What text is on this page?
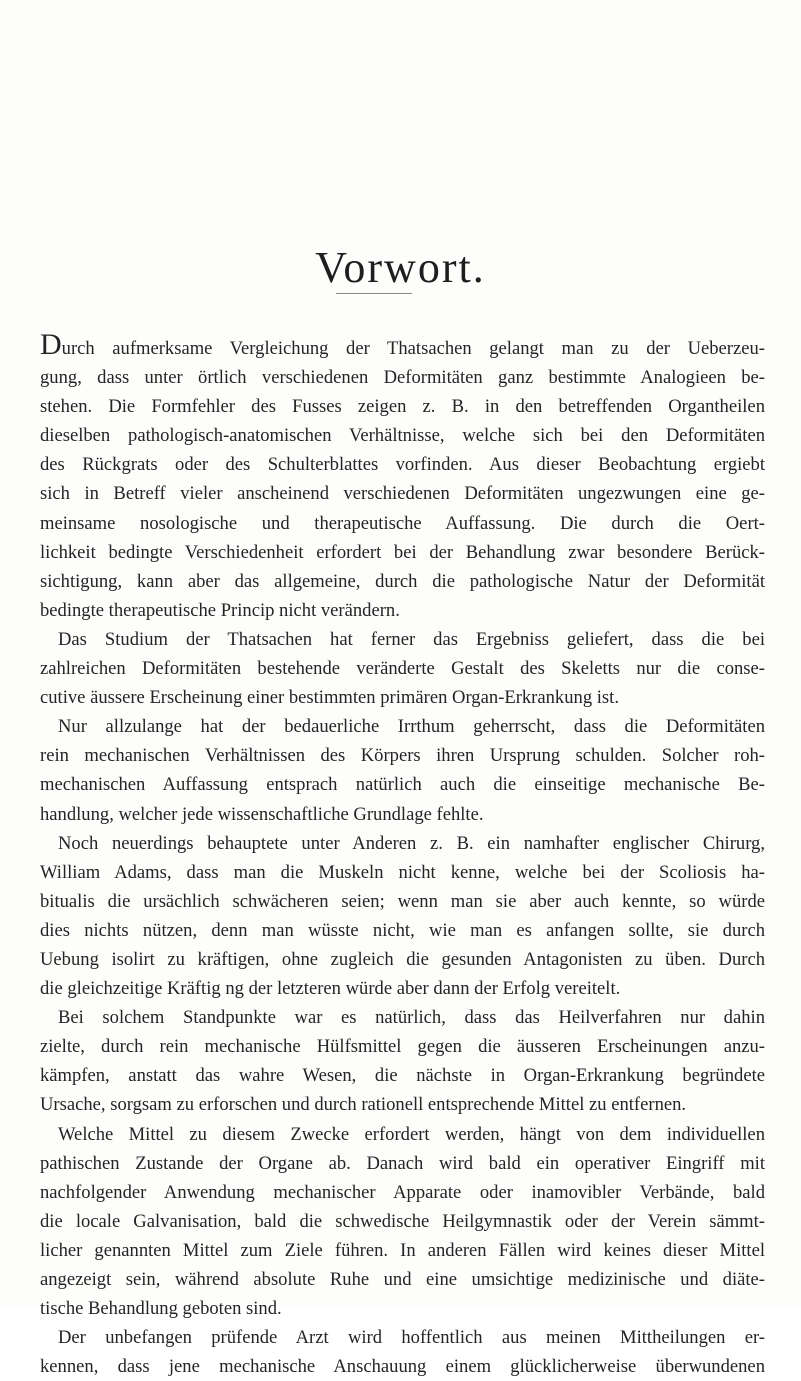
Vorwort.
Durch aufmerksame Vergleichung der Thatsachen gelangt man zu der Ueberzeu-
gung, dass unter örtlich verschiedenen Deformitäten ganz bestimmte Analogieen be-
stehen. Die Formfehler des Fusses zeigen z. B. in den betreffenden Organtheilen
dieselben pathologisch-anatomischen Verhältnisse, welche sich bei den Deformitäten
des Rückgrats oder des Schulterblattes vorfinden. Aus dieser Beobachtung ergiebt
sich in Betreff vieler anscheinend verschiedenen Deformitäten ungezwungen eine ge-
meinsame nosologische und therapeutische Auffassung. Die durch die Oert-
lichkeit bedingte Verschiedenheit erfordert bei der Behandlung zwar besondere Berück-
sichtigung, kann aber das allgemeine, durch die pathologische Natur der Deformität
bedingte therapeutische Princip nicht verändern.
Das Studium der Thatsachen hat ferner das Ergebniss geliefert, dass die bei
zahlreichen Deformitäten bestehende veränderte Gestalt des Skeletts nur die conse-
cutive äussere Erscheinung einer bestimmten primären Organ-Erkrankung ist.
Nur allzulange hat der bedauerliche Irrthum geherrscht, dass die Deformitäten
rein mechanischen Verhältnissen des Körpers ihren Ursprung schulden. Solcher roh-
mechanischen Auffassung entsprach natürlich auch die einseitige mechanische Be-
handlung, welcher jede wissenschaftliche Grundlage fehlte.
Noch neuerdings behauptete unter Anderen z. B. ein namhafter englischer Chirurg,
William Adams, dass man die Muskeln nicht kenne, welche bei der Scoliosis ha-
bitualis die ursächlich schwächeren seien; wenn man sie aber auch kennte, so würde
dies nichts nützen, denn man wüsste nicht, wie man es anfangen sollte, sie durch
Uebung isolirt zu kräftigen, ohne zugleich die gesunden Antagonisten zu üben. Durch
die gleichzeitige Kräftig ng der letzteren würde aber dann der Erfolg vereitelt.
Bei solchem Standpunkte war es natürlich, dass das Heilverfahren nur dahin
zielte, durch rein mechanische Hülfsmittel gegen die äusseren Erscheinungen anzu-
kämpfen, anstatt das wahre Wesen, die nächste in Organ-Erkrankung begründete
Ursache, sorgsam zu erforschen und durch rationell entsprechende Mittel zu entfernen.
Welche Mittel zu diesem Zwecke erfordert werden, hängt von dem individuellen
pathischen Zustande der Organe ab. Danach wird bald ein operativer Eingriff mit
nachfolgender Anwendung mechanischer Apparate oder inamovibler Verbände, bald
die locale Galvanisation, bald die schwedische Heilgymnastik oder der Verein sämmt-
licher genannten Mittel zum Ziele führen. In anderen Fällen wird keines dieser Mittel
angezeigt sein, während absolute Ruhe und eine umsichtige medizinische und diäte-
tische Behandlung geboten sind.
Der unbefangen prüfende Arzt wird hoffentlich aus meinen Mittheilungen er-
kennen, dass jene mechanische Anschauung einem glücklicherweise überwundenen
